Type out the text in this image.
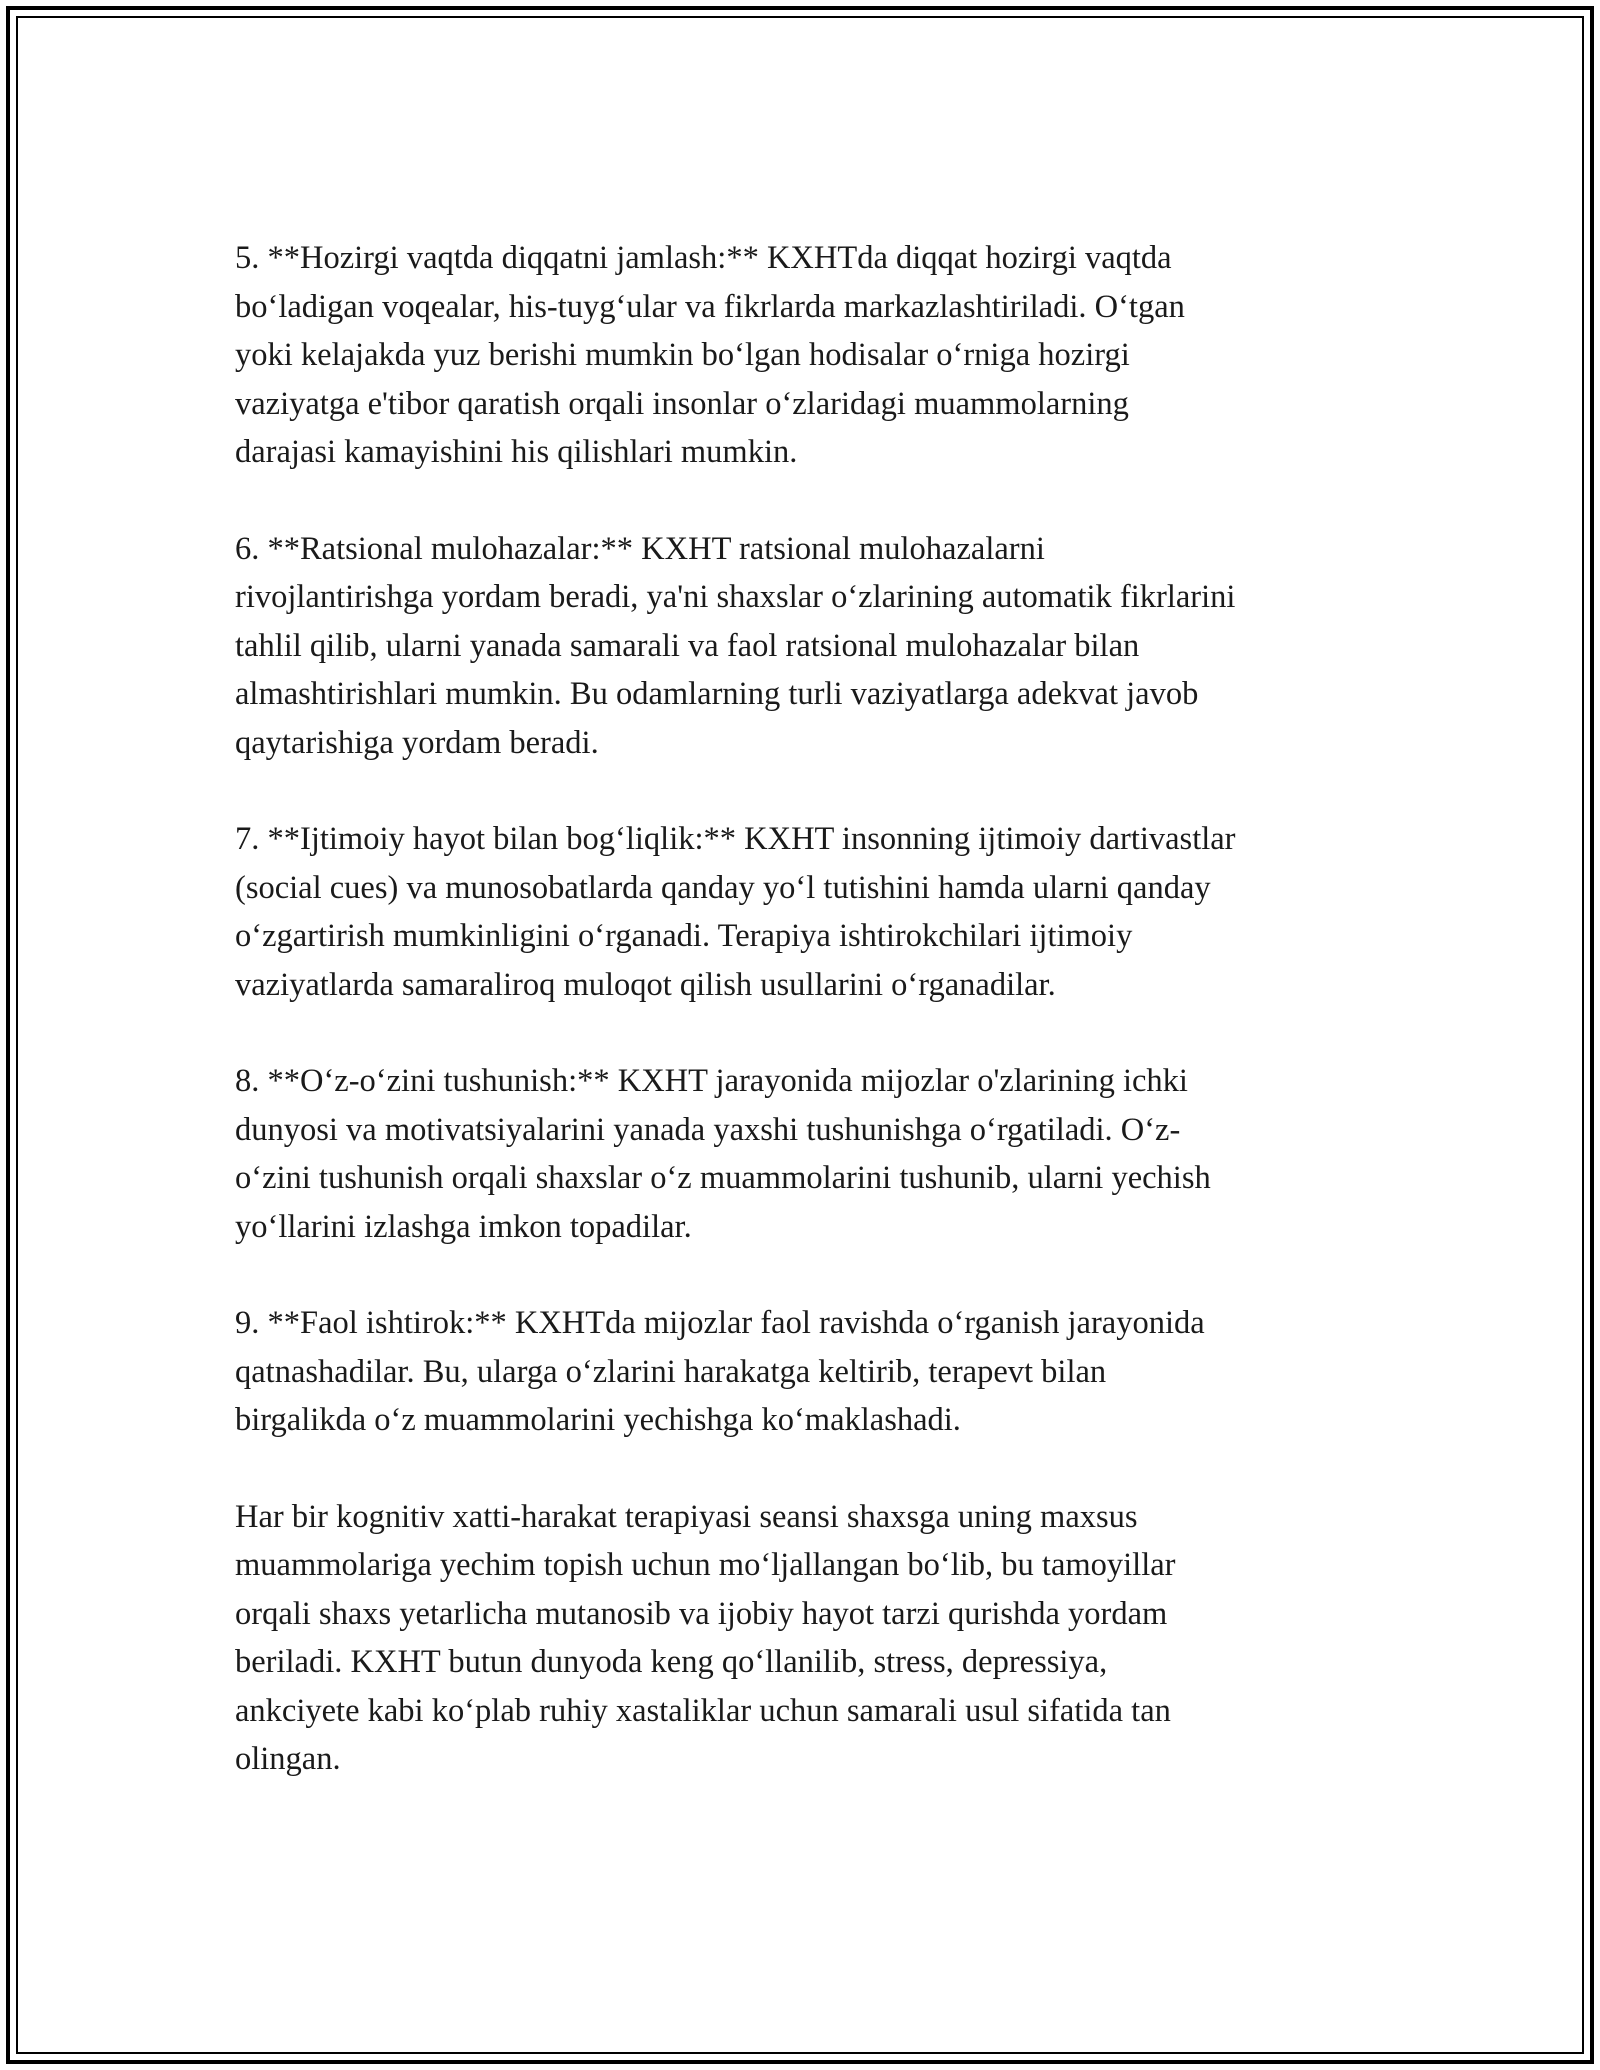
5. **Hozirgi vaqtda diqqatni jamlash:** KXHTda diqqat hozirgi vaqtda
bo‘ladigan voqealar, his-tuyg‘ular va fikrlarda markazlashtiriladi. O‘tgan
yoki kelajakda yuz berishi mumkin bo‘lgan hodisalar o‘rniga hozirgi
vaziyatga e'tibor qaratish orqali insonlar o‘zlaridagi muammolarning
darajasi kamayishini his qilishlari mumkin.

6. **Ratsional mulohazalar:** KXHT ratsional mulohazalarni
rivojlantirishga yordam beradi, ya'ni shaxslar o‘zlarining automatik fikrlarini
tahlil qilib, ularni yanada samarali va faol ratsional mulohazalar bilan
almashtirishlari mumkin. Bu odamlarning turli vaziyatlarga adekvat javob
qaytarishiga yordam beradi.

7. **Ijtimoiy hayot bilan bog‘liqlik:** KXHT insonning ijtimoiy dartivastlar
(social cues) va munosobatlarda qanday yo‘l tutishini hamda ularni qanday
o‘zgartirish mumkinligini o‘rganadi. Terapiya ishtirokchilari ijtimoiy
vaziyatlarda samaraliroq muloqot qilish usullarini o‘rganadilar.

8. **O‘z-o‘zini tushunish:** KXHT jarayonida mijozlar o'zlarining ichki
dunyosi va motivatsiyalarini yanada yaxshi tushunishga o‘rgatiladi. O‘z-
o‘zini tushunish orqali shaxslar o‘z muammolarini tushunib, ularni yechish
yo‘llarini izlashga imkon topadilar.

9. **Faol ishtirok:** KXHTda mijozlar faol ravishda o‘rganish jarayonida
qatnashadilar. Bu, ularga o‘zlarini harakatga keltirib, terapevt bilan
birgalikda o‘z muammolarini yechishga ko‘maklashadi.

Har bir kognitiv xatti-harakat terapiyasi seansi shaxsga uning maxsus
muammolariga yechim topish uchun mo‘ljallangan bo‘lib, bu tamoyillar
orqali shaxs yetarlicha mutanosib va ijobiy hayot tarzi qurishda yordam
beriladi. KXHT butun dunyoda keng qo‘llanilib, stress, depressiya,
ankciyete kabi ko‘plab ruhiy xastaliklar uchun samarali usul sifatida tan
olingan.
